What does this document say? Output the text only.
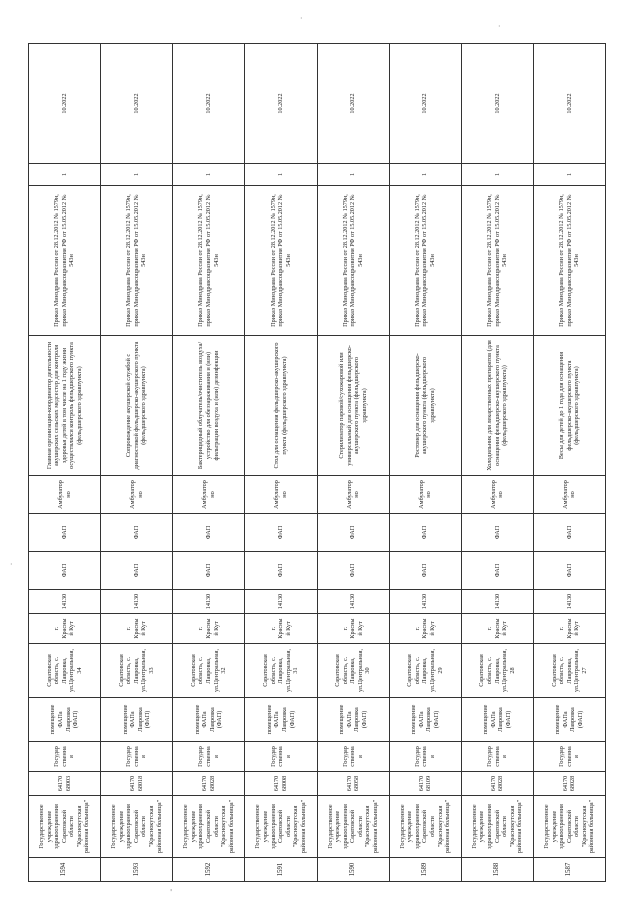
·
·
·
'
1594	Государственное учреждение здравоохранения Саратовской области "Краснокутская районная больница"	6417068003	Государственная	помещение ФАПа Лавровка (ФАП)	Саратовская область, с. Лавровка, ул.Центральная, 34	г. Красный Кут	14130	ФАП	ФАП	Амбулаторно	Главная организация-координатор деятельности акушерских сельских медсестер для контроля здоровья детей в том числе на 1 году жизни осуществлялся контроль фельдшерского пункта (фельдшерского здравпункта)	Приказ Минздрава России от 28.12.2012 № 1579н, приказ Минздравсоцразвития РФ от 15.05.2012 № 543н	1	10.2022
1593	Государственное учреждение здравоохранения Саратовской области "Краснокутская районная больница"	6417068018	Государственная	помещение ФАПа Лавровка (ФАП)	Саратовская область, с. Лавровка, ул.Центральная, 33	г. Красный Кут	14130	ФАП	ФАП	Амбулаторно	Сопровождение акушерской службой с диагностикой фельдшерско-акушерского пункта (фельдшерского здравпункта)	Приказ Минздрава России от 28.12.2012 № 1579н, приказ Минздравсоцразвития РФ от 15.05.2012 № 543н	1	10.2022
1592	Государственное учреждение здравоохранения Саратовской области "Краснокутская районная больница"	6417068028	Государственная	помещение ФАПа Лавровка (ФАП)	Саратовская область, с. Лавровка, ул.Центральная, 32	г. Красный Кут	14130	ФАП	ФАП	Амбулаторно	Бактерицидный облучатель/очиститель воздуха/устройство для обеззараживания и (или) фильтрации воздуха и (или) дезинфекции	Приказ Минздрава России от 28.12.2012 № 1579н, приказ Минздравсоцразвития РФ от 15.05.2012 № 543н	1	10.2022
1591	Государственное учреждение здравоохранения Саратовской области "Краснокутская районная больница"	6417068008	Государственная	помещение ФАПа Лавровка (ФАП)	Саратовская область, с. Лавровка, ул.Центральная, 31	г. Красный Кут	14130	ФАП	ФАП	Амбулаторно	Стол для оснащения фельдшерско-акушерского пункта (фельдшерского здравпункта)	Приказ Минздрава России от 28.12.2012 № 1579н, приказ Минздравсоцразвития РФ от 15.05.2012 № 543н	1	10.2022
1590	Государственное учреждение здравоохранения Саратовской области "Краснокутская районная больница"	6417068058	Государственная	помещение ФАПа Лавровка (ФАП)	Саратовская область, с. Лавровка, ул.Центральная, 30	г. Красный Кут	14130	ФАП	ФАП	Амбулаторно	Стерилизатор паровой/сухожаровой или универсальный для оснащения фельдшерско-акушерского пункта (фельдшерского здравпункта)	Приказ Минздрава России от 28.12.2012 № 1579н, приказ Минздравсоцразвития РФ от 15.05.2012 № 543н	1	10.2022
1589	Государственное учреждение здравоохранения Саратовской области "Краснокутская районная больница"	6417068109	Государственная	помещение ФАПа Лавровка (ФАП)	Саратовская область, с. Лавровка, ул.Центральная, 29	г. Красный Кут	14130	ФАП	ФАП	Амбулаторно	Ростомер для оснащения фельдшерско-акушерского пункта (фельдшерского здравпункта)	Приказ Минздрава России от 28.12.2012 № 1579н, приказ Минздравсоцразвития РФ от 15.05.2012 № 543н	1	10.2022
1588	Государственное учреждение здравоохранения Саратовской области "Краснокутская районная больница"	6417068028	Государственная	помещение ФАПа Лавровка (ФАП)	Саратовская область, с. Лавровка, ул.Центральная, 28	г. Красный Кут	14130	ФАП	ФАП	Амбулаторно	Холодильник для лекарственных препаратов (для оснащения фельдшерско-акушерского пункта (фельдшерского здравпункта))	Приказ Минздрава России от 28.12.2012 № 1579н, приказ Минздравсоцразвития РФ от 15.05.2012 № 543н	1	10.2022
1587	Государственное учреждение здравоохранения Саратовской области "Краснокутская районная больница"	6417068028	Государственная	помещение ФАПа Лавровка (ФАП)	Саратовская область, с. Лавровка, ул.Центральная, 27	г. Красный Кут	14130	ФАП	ФАП	Амбулаторно	Весы для детей до 1 года для оснащения фельдшерско-акушерского пункта (фельдшерского здравпункта)	Приказ Минздрава России от 28.12.2012 № 1579н, приказ Минздравсоцразвития РФ от 15.05.2012 № 543н	1	10.2022
